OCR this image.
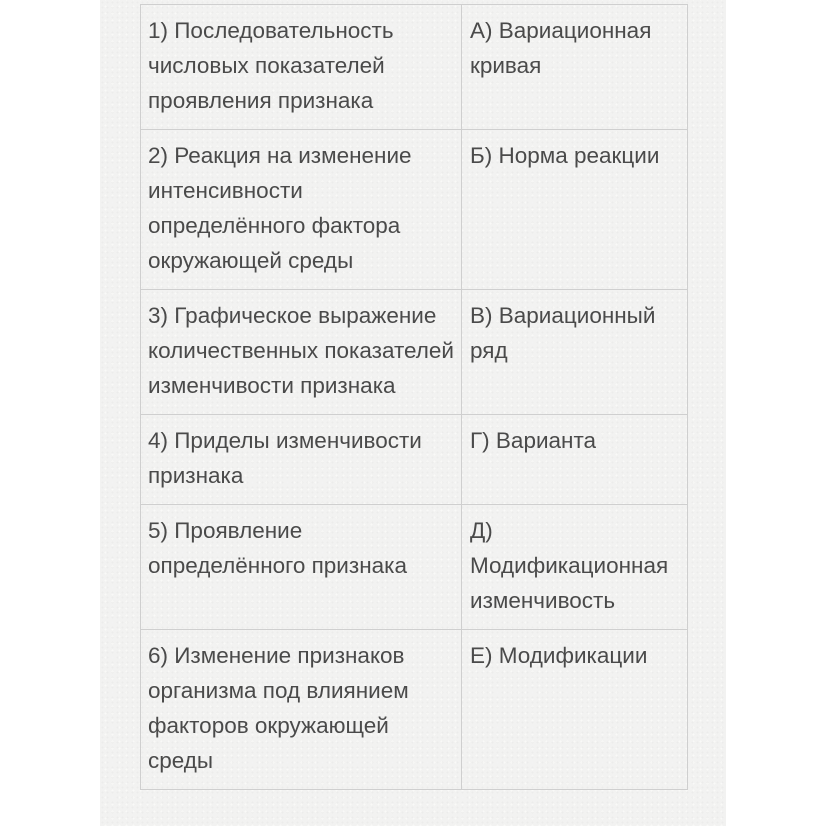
1) Последовательность числовых показателей проявления признака	А) Вариационная кривая

2) Реакция на изменение интенсивности определённого фактора окружающей среды	Б) Норма реакции

3) Графическое выражение количественных показателей изменчивости признака	В) Вариационный ряд

4) Приделы изменчивости признака	Г) Варианта

5) Проявление определённого признака	Д) Модификационная изменчивость

6) Изменение признаков организма под влиянием факторов окружающей среды	Е) Модификации
